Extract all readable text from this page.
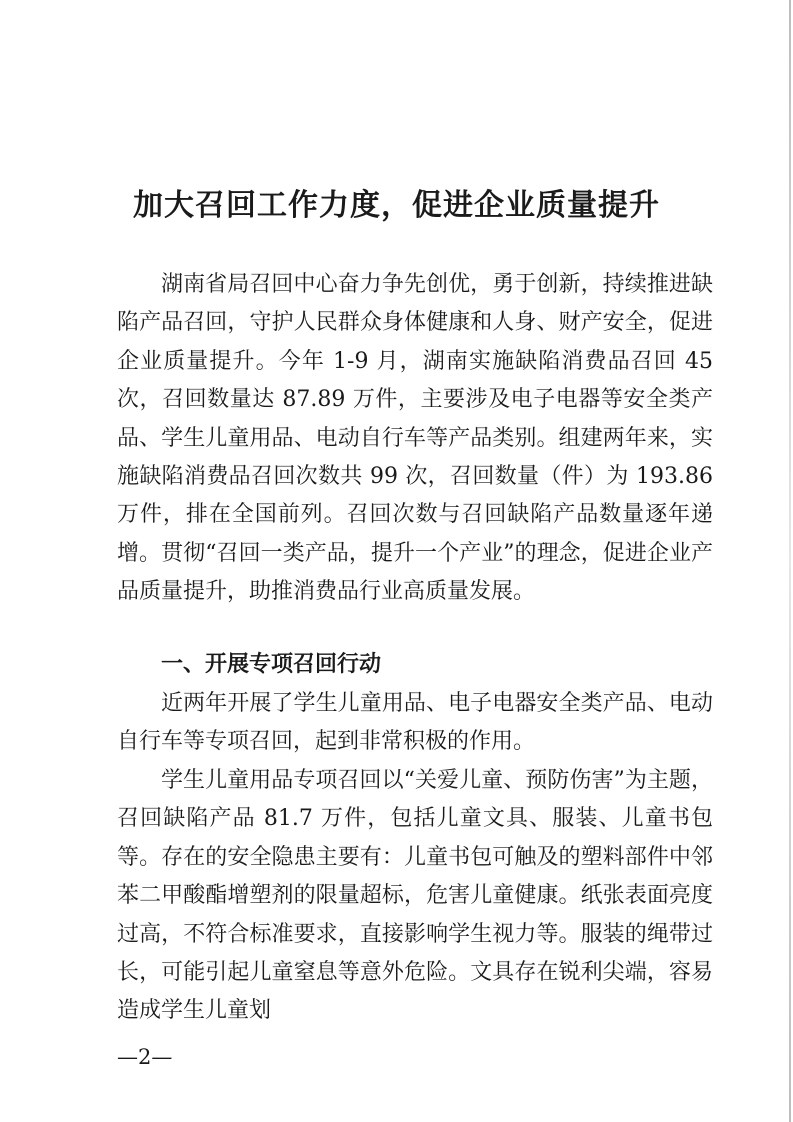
加大召回工作力度，促进企业质量提升

湖南省局召回中心奋力争先创优，勇于创新，持续推进缺陷产品召回，守护人民群众身体健康和人身、财产安全，促进企业质量提升。今年 1-9 月，湖南实施缺陷消费品召回 45 次，召回数量达 87.89 万件，主要涉及电子电器等安全类产品、学生儿童用品、电动自行车等产品类别。组建两年来，实施缺陷消费品召回次数共 99 次，召回数量（件）为 193.86 万件，排在全国前列。召回次数与召回缺陷产品数量逐年递增。贯彻“召回一类产品，提升一个产业”的理念，促进企业产品质量提升，助推消费品行业高质量发展。

一、开展专项召回行动

近两年开展了学生儿童用品、电子电器安全类产品、电动自行车等专项召回，起到非常积极的作用。

学生儿童用品专项召回以“关爱儿童、预防伤害”为主题，召回缺陷产品 81.7 万件，包括儿童文具、服装、儿童书包等。存在的安全隐患主要有：儿童书包可触及的塑料部件中邻苯二甲酸酯增塑剂的限量超标，危害儿童健康。纸张表面亮度过高，不符合标准要求，直接影响学生视力等。服装的绳带过长，可能引起儿童窒息等意外危险。文具存在锐利尖端，容易造成学生儿童划

—2—
